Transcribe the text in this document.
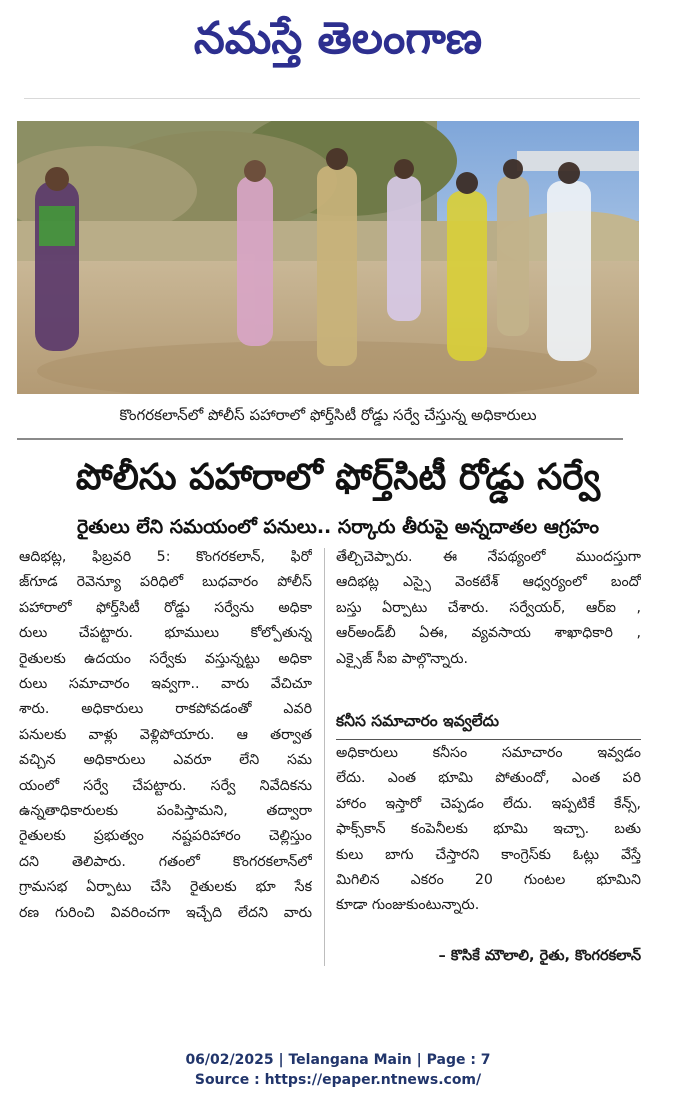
నమస్తే తెలంగాణ
కొంగరకలాన్‌లో పోలీస్ పహారాలో ఫోర్త్‌సిటీ రోడ్డు సర్వే చేస్తున్న అధికారులు
పోలీసు పహారాలో ఫోర్త్‌సిటీ రోడ్డు సర్వే
రైతులు లేని సమయంలో పనులు.. సర్కారు తీరుపై అన్నదాతల ఆగ్రహం
ఆదిభట్ల, ఫిబ్రవరి 5: కొంగరకలాన్, ఫిరో
జ్‌గూడ రెవెన్యూ పరిధిలో బుధవారం పోలీస్
పహారాలో ఫోర్త్‌సిటీ రోడ్డు సర్వేను అధికా
రులు చేపట్టారు. భూములు కోల్పోతున్న
రైతులకు ఉదయం సర్వేకు వస్తున్నట్టు అధికా
రులు సమాచారం ఇవ్వగా.. వారు వేచిచూ
శారు. అధికారులు రాకపోవడంతో ఎవరి
పనులకు వాళ్లు వెళ్లిపోయారు. ఆ తర్వాత
వచ్చిన అధికారులు ఎవరూ లేని సమ
యంలో సర్వే చేపట్టారు. సర్వే నివేదికను
ఉన్నతాధికారులకు పంపిస్తామని, తద్వారా
రైతులకు ప్రభుత్వం నష్టపరిహారం చెల్లిస్తుం
దని తెలిపారు. గతంలో కొంగరకలాన్‌లో
గ్రామసభ ఏర్పాటు చేసి రైతులకు భూ సేక
రణ గురించి వివరించగా ఇచ్చేది లేదని వారు
తేల్చిచెప్పారు. ఈ నేపథ్యంలో ముందస్తుగా
ఆదిభట్ల ఎస్సై వెంకటేశ్ ఆధ్వర్యంలో బందో
బస్తు ఏర్పాటు చేశారు. సర్వేయర్, ఆర్ఐ ,
ఆర్‌అండ్‌బీ ఏఈ, వ్యవసాయ శాఖాధికారి ,
ఎక్సైజ్ సీఐ పాల్గొన్నారు.
కనీస సమాచారం ఇవ్వలేదు
అధికారులు కనీసం సమాచారం ఇవ్వడం
లేదు. ఎంత భూమి పోతుందో, ఎంత పరి
హారం ఇస్తారో చెప్పడం లేదు. ఇప్పటికే కేన్స్,
ఫాక్స్‌కాన్ కంపెనీలకు భూమి ఇచ్చా. బతు
కులు బాగు చేస్తారని కాంగ్రెస్‌కు ఓట్లు వేస్తే
మిగిలిన ఎకరం 20 గుంటల భూమిని
కూడా గుంజుకుంటున్నారు.
– కొసికే మౌలాలి, రైతు, కొంగరకలాన్
06/02/2025 | Telangana Main | Page : 7
Source : https://epaper.ntnews.com/
